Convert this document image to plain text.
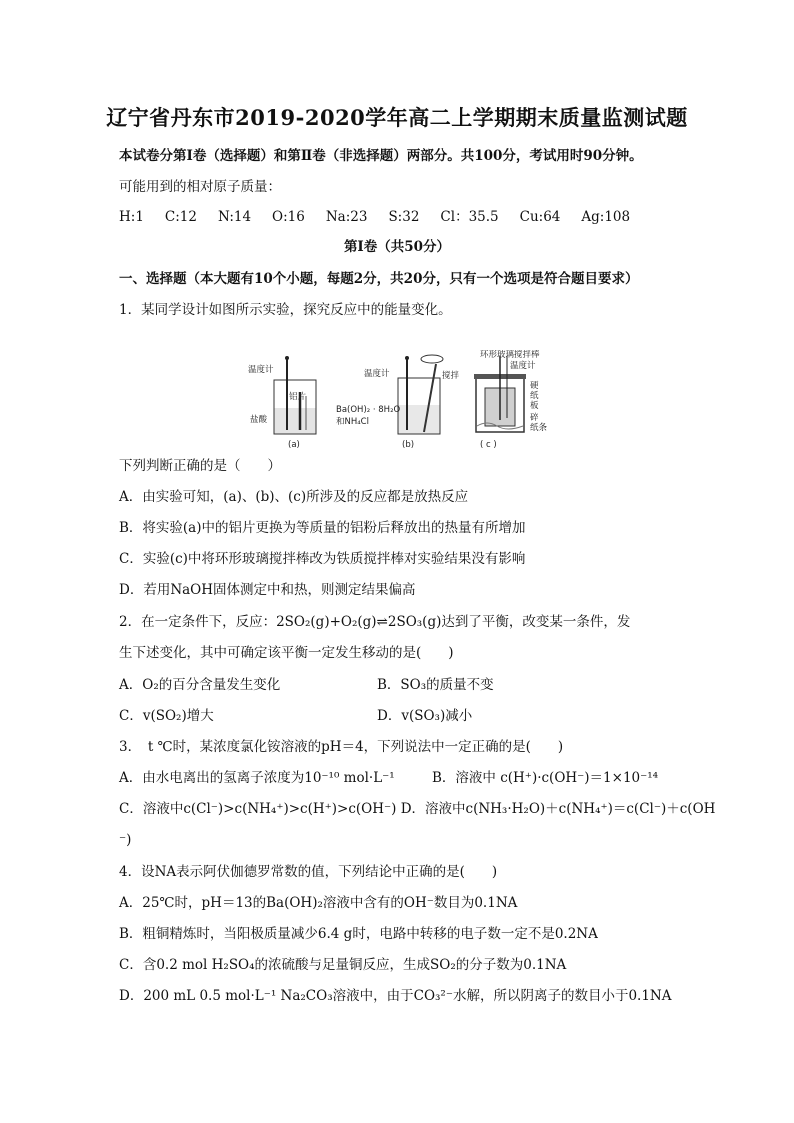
辽宁省丹东市2019-2020学年高二上学期期末质量监测试题
本试卷分第Ⅰ卷（选择题）和第Ⅱ卷（非选择题）两部分。共100分，考试用时90分钟。
可能用到的相对原子质量：
H:1 C:12 N:14 O:16 Na:23 S:32 Cl：35.5 Cu:64 Ag:108
第Ⅰ卷（共50分）
一、选择题（本大题有10个小题，每题2分，共20分，只有一个选项是符合题目要求）
1．某同学设计如图所示实验，探究反应中的能量变化。
温度计
铝片
盐酸
(a)
温度计	搅拌
Ba(OH)₂ · 8H₂O
和NH₄Cl
(b)
环形玻璃搅拌棒
温度计
硬
纸
板
碎
纸条
( c )
下列判断正确的是（　　）
A．由实验可知，(a)、(b)、(c)所涉及的反应都是放热反应
B．将实验(a)中的铝片更换为等质量的铝粉后释放出的热量有所增加
C．实验(c)中将环形玻璃搅拌棒改为铁质搅拌棒对实验结果没有影响
D．若用NaOH固体测定中和热，则测定结果偏高
2．在一定条件下，反应：2SO₂(g)+O₂(g)⇌2SO₃(g)达到了平衡，改变某一条件，发
生下述变化，其中可确定该平衡一定发生移动的是(　　)
A．O₂的百分含量发生变化	B．SO₃的质量不变
C．v(SO₂)增大	D．v(SO₃)减小
3．　t ℃时，某浓度氯化铵溶液的pH＝4，下列说法中一定正确的是(　　)
A．由水电离出的氢离子浓度为10⁻¹⁰ mol·L⁻¹	B．溶液中 c(H⁺)·c(OH⁻)＝1×10⁻¹⁴
C．溶液中c(Cl⁻)>c(NH₄⁺)>c(H⁺)>c(OH⁻) D．溶液中c(NH₃·H₂O)＋c(NH₄⁺)＝c(Cl⁻)＋c(OH
⁻)
4．设NA表示阿伏伽德罗常数的值，下列结论中正确的是(　　)
A．25℃时，pH＝13的Ba(OH)₂溶液中含有的OH⁻数目为0.1NA
B．粗铜精炼时，当阳极质量减少6.4 g时，电路中转移的电子数一定不是0.2NA
C．含0.2 mol H₂SO₄的浓硫酸与足量铜反应，生成SO₂的分子数为0.1NA
D．200 mL 0.5 mol·L⁻¹ Na₂CO₃溶液中，由于CO₃²⁻水解，所以阴离子的数目小于0.1NA
